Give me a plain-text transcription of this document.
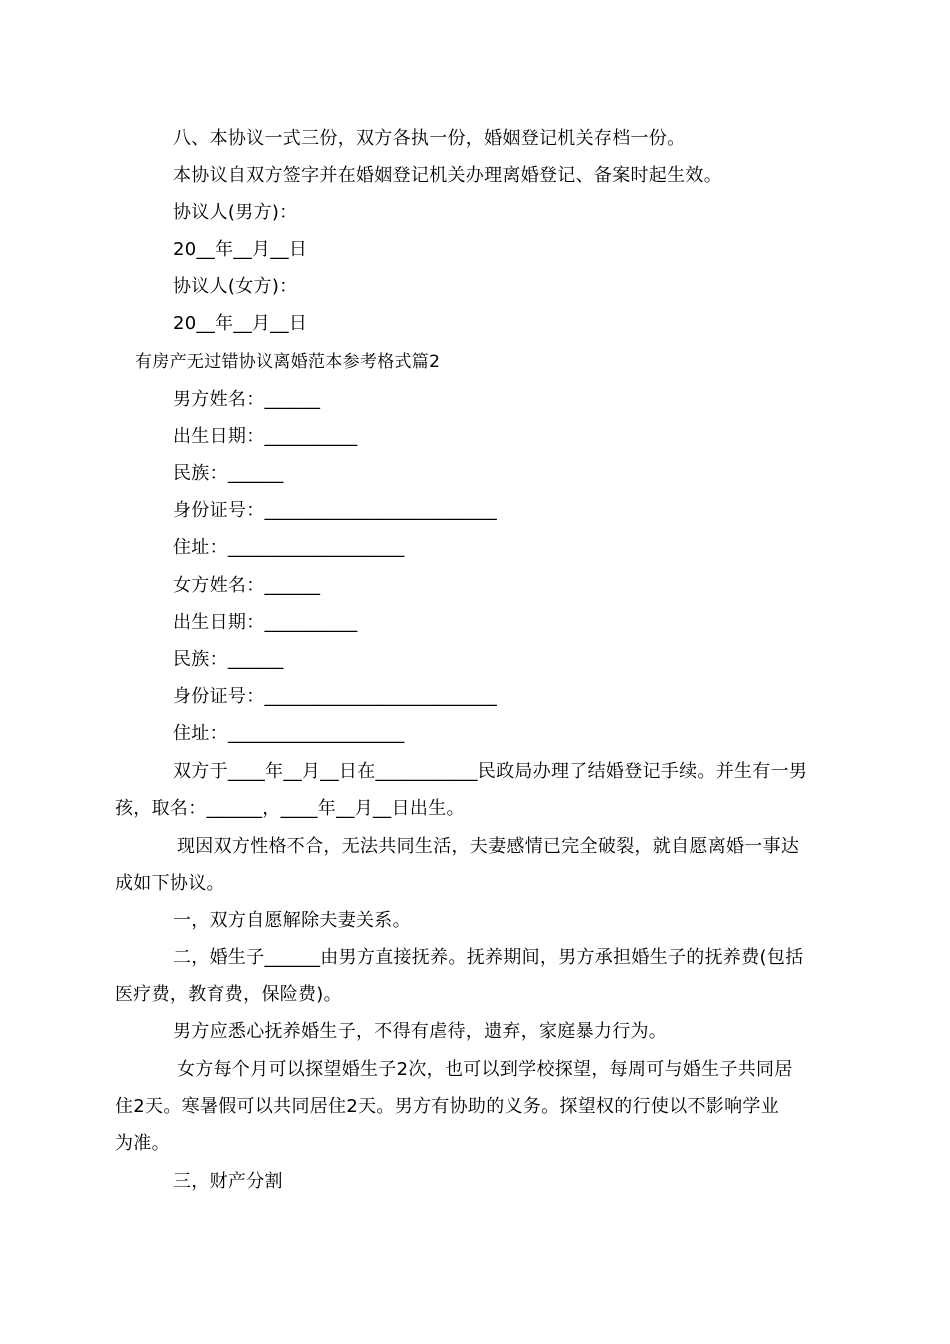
八、本协议一式三份，双方各执一份，婚姻登记机关存档一份。
本协议自双方签字并在婚姻登记机关办理离婚登记、备案时起生效。
协议人(男方)：
20__年__月__日
协议人(女方)：
20__年__月__日
有房产无过错协议离婚范本参考格式篇2
男方姓名：______
出生日期：__________
民族：______
身份证号：_________________________
住址：___________________
女方姓名：______
出生日期：__________
民族：______
身份证号：_________________________
住址：___________________
双方于____年__月__日在___________民政局办理了结婚登记手续。并生有一男
孩，取名：______，____年__月__日出生。
现因双方性格不合，无法共同生活，夫妻感情已完全破裂，就自愿离婚一事达
成如下协议。
一，双方自愿解除夫妻关系。
二，婚生子______由男方直接抚养。抚养期间，男方承担婚生子的抚养费(包括
医疗费，教育费，保险费)。
男方应悉心抚养婚生子，不得有虐待，遗弃，家庭暴力行为。
女方每个月可以探望婚生子2次，也可以到学校探望，每周可与婚生子共同居
住2天。寒暑假可以共同居住2天。男方有协助的义务。探望权的行使以不影响学业
为准。
三，财产分割
